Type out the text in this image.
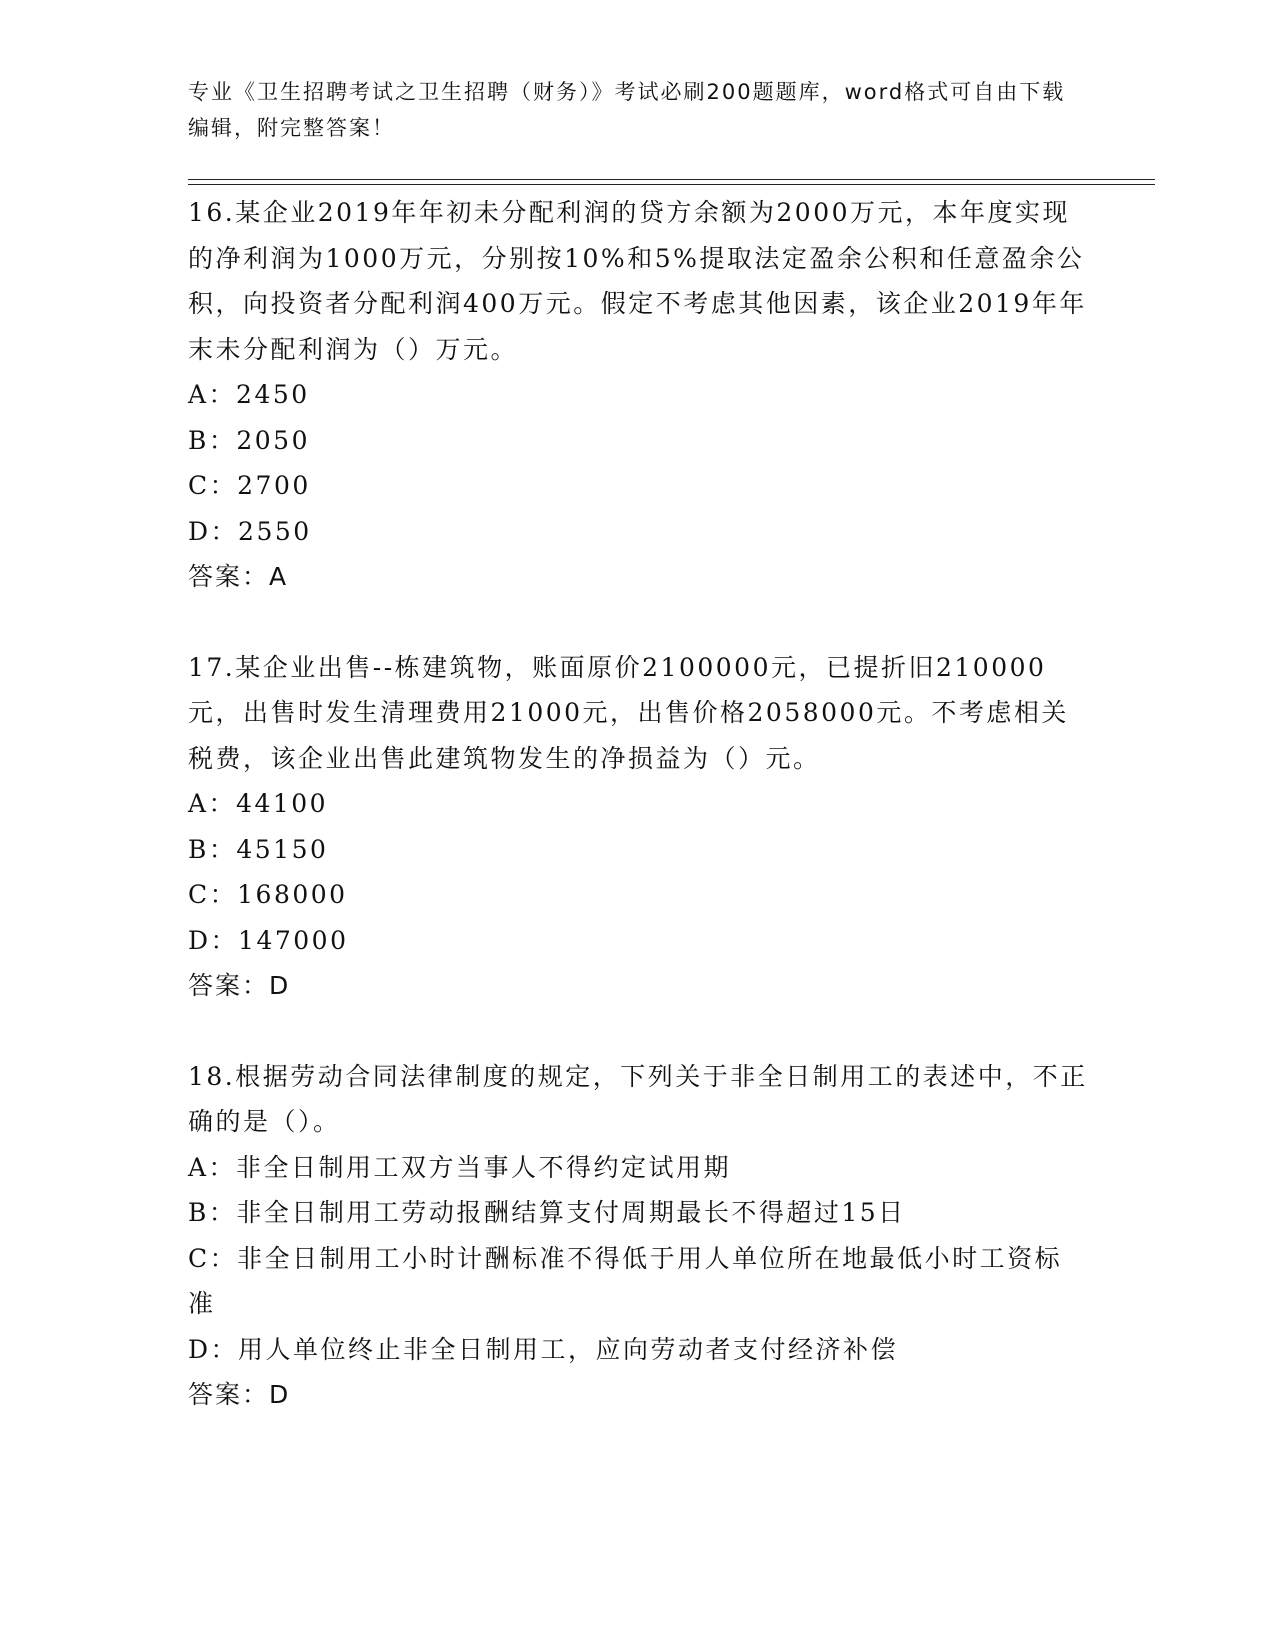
专业《卫生招聘考试之卫生招聘（财务）》考试必刷200题题库，word格式可自由下载编辑，附完整答案！

16.某企业2019年年初未分配利润的贷方余额为2000万元，本年度实现的净利润为1000万元，分别按10%和5%提取法定盈余公积和任意盈余公积，向投资者分配利润400万元。假定不考虑其他因素，该企业2019年年末未分配利润为（）万元。

A：2450

B：2050

C：2700

D：2550

答案：A

17.某企业出售--栋建筑物，账面原价2100000元，已提折旧210000元，出售时发生清理费用21000元，出售价格2058000元。不考虑相关税费，该企业出售此建筑物发生的净损益为（）元。

A：44100

B：45150

C：168000

D：147000

答案：D

18.根据劳动合同法律制度的规定，下列关于非全日制用工的表述中，不正确的是（）。

A：非全日制用工双方当事人不得约定试用期

B：非全日制用工劳动报酬结算支付周期最长不得超过15日

C：非全日制用工小时计酬标准不得低于用人单位所在地最低小时工资标准

D：用人单位终止非全日制用工，应向劳动者支付经济补偿

答案：D
